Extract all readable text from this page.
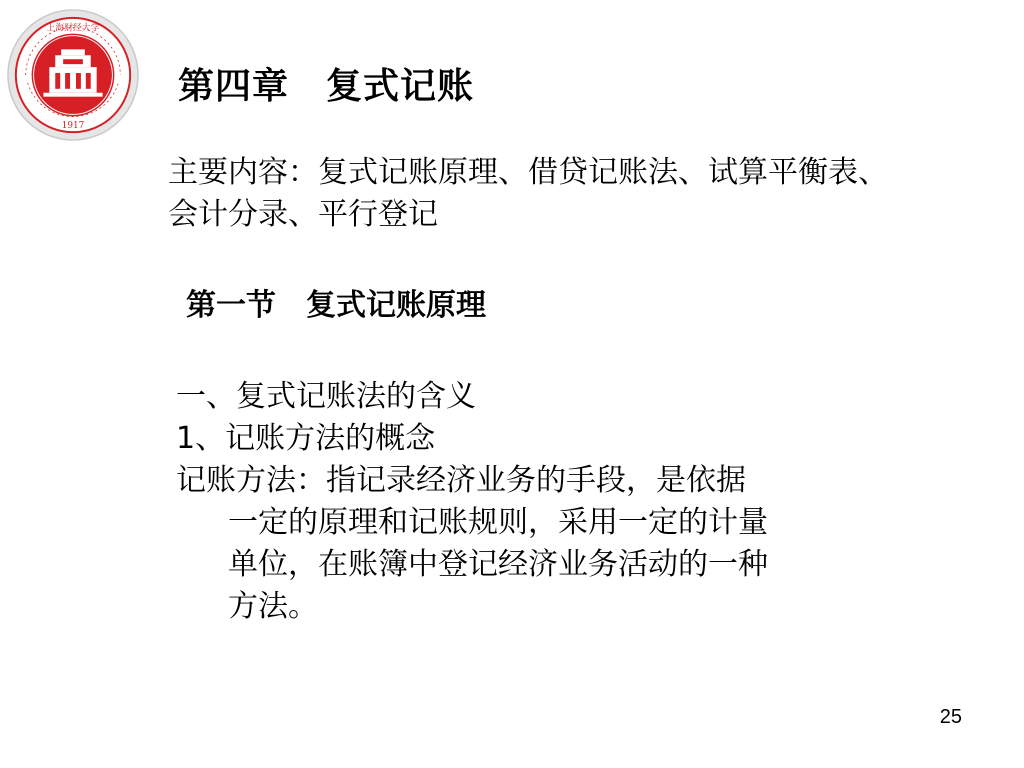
上海财经大学
1917
第四章　复式记账
主要内容：复式记账原理、借贷记账法、试算平衡表、会计分录、平行登记
第一节　复式记账原理
一、复式记账法的含义
1、记账方法的概念
记账方法：指记录经济业务的手段，是依据
一定的原理和记账规则，采用一定的计量
单位，在账簿中登记经济业务活动的一种
方法。
25
